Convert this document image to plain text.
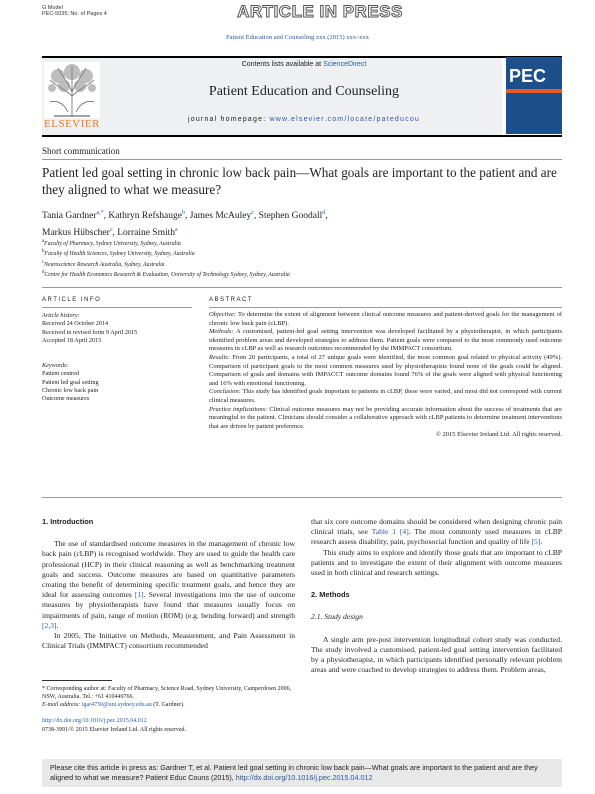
G Model
PEC-5035; No. of Pages 4	ARTICLE IN PRESS
Patient Education and Counseling xxx (2015) xxx–xxx
ELSEVIER
Contents lists available at ScienceDirect
Patient Education and Counseling
journal homepage: www.elsevier.com/locate/pateducou
PEC
Short communication
Patient led goal setting in chronic low back pain—What goals are important to the patient and are they aligned to what we measure?
Tania Gardner$^{a,*}$, Kathryn Refshauge$^b$, James McAuley$^c$, Stephen Goodall$^d$,
Markus Hübscher$^c$, Lorraine Smith$^a$
$^a$Faculty of Pharmacy, Sydney University, Sydney, Australia
$^b$Faculty of Health Sciences, Sydney University, Sydney, Australia
$^c$Neuroscience Research Australia, Sydney, Australia
$^d$Centre for Health Economics Research & Evaluation, University of Technology Sydney, Sydney, Australia
ARTICLE INFO	ABSTRACT
Article history:
Received 24 October 2014
Received in revised form 9 April 2015
Accepted 18 April 2015
Keywords:
Patient centred
Patient led goal setting
Chronic low back pain
Outcome measures
Objective: To determine the extent of alignment between clinical outcome measures and patient-derived goals for the management of chronic low back pain (cLBP).
Methods: A customised, patient-led goal setting intervention was developed facilitated by a physiotherapist, in which participants identified problem areas and developed strategies to address them. Patient goals were compared to the most commonly used outcome measures in cLBP as well as research outcomes recommended by the IMMPACT consortium.
Results: From 20 participants, a total of 27 unique goals were identified, the most common goal related to physical activity (49%). Comparison of participant goals to the most common measures used by physiotherapists found none of the goals could be aligned. Comparison of goals and domains with IMPACCT outcome domains found 76% of the goals were aligned with physical functioning and 16% with emotional functioning.
Conclusion: This study has identified goals important to patients in cLBP, these were varied, and most did not correspond with current clinical measures.
Practice implications: Clinical outcome measures may not be providing accurate information about the success of treatments that are meaningful to the patient. Clinicians should consider a collaborative approach with cLBP patients to determine treatment interventions that are driven by patient preference.
© 2015 Elsevier Ireland Ltd. All rights reserved.
1. Introduction

The use of standardised outcome measures in the management of chronic low back pain (cLBP) is recognised worldwide. They are used to guide the health care professional (HCP) in their clinical reasoning as well as benchmarking treatment goals and success. Outcome measures are based on quantitative parameters creating the benefit of determining specific treatment goals, and hence they are ideal for assessing outcomes [1]. Several investigations into the use of outcome measures by physiotherapists have found that measures usually focus on impairments of pain, range of motion (ROM) (e.g. bending forward) and strength [2,3].

In 2005, The Initiative on Methods, Measurement, and Pain Assessment in Clinical Trials (IMMPACT) consortium recommended

that six core outcome domains should be considered when designing chronic pain clinical trials, see Table 1 [4]. The most commonly used measures in cLBP research assess disability, pain, psychosocial function and quality of life [5].

This study aims to explore and identify those goals that are important to cLBP patients and to investigate the extent of their alignment with outcome measures used in both clinical and research settings.

2. Methods
2.1. Study design

A single arm pre-post intervention longitudinal cohort study was conducted. The study involved a customised, patient-led goal setting intervention facilitated by a physiotherapist, in which participants identified personally relevant problem areas and were coached to develop strategies to address them. Problem areas,

* Corresponding author at: Faculty of Pharmacy, Science Road, Sydney University, Camperdown 2006, NSW, Australia. Tel.: +61 410449766.
E-mail address: tgar4750@uni.sydney.edu.au (T. Gardner).
http://dx.doi.org/10.1016/j.pec.2015.04.012
0738-3991/© 2015 Elsevier Ireland Ltd. All rights reserved.
Please cite this article in press as: Gardner T, et al. Patient led goal setting in chronic low back pain—What goals are important to the patient and are they aligned to what we measure? Patient Educ Couns (2015), http://dx.doi.org/10.1016/j.pec.2015.04.012
